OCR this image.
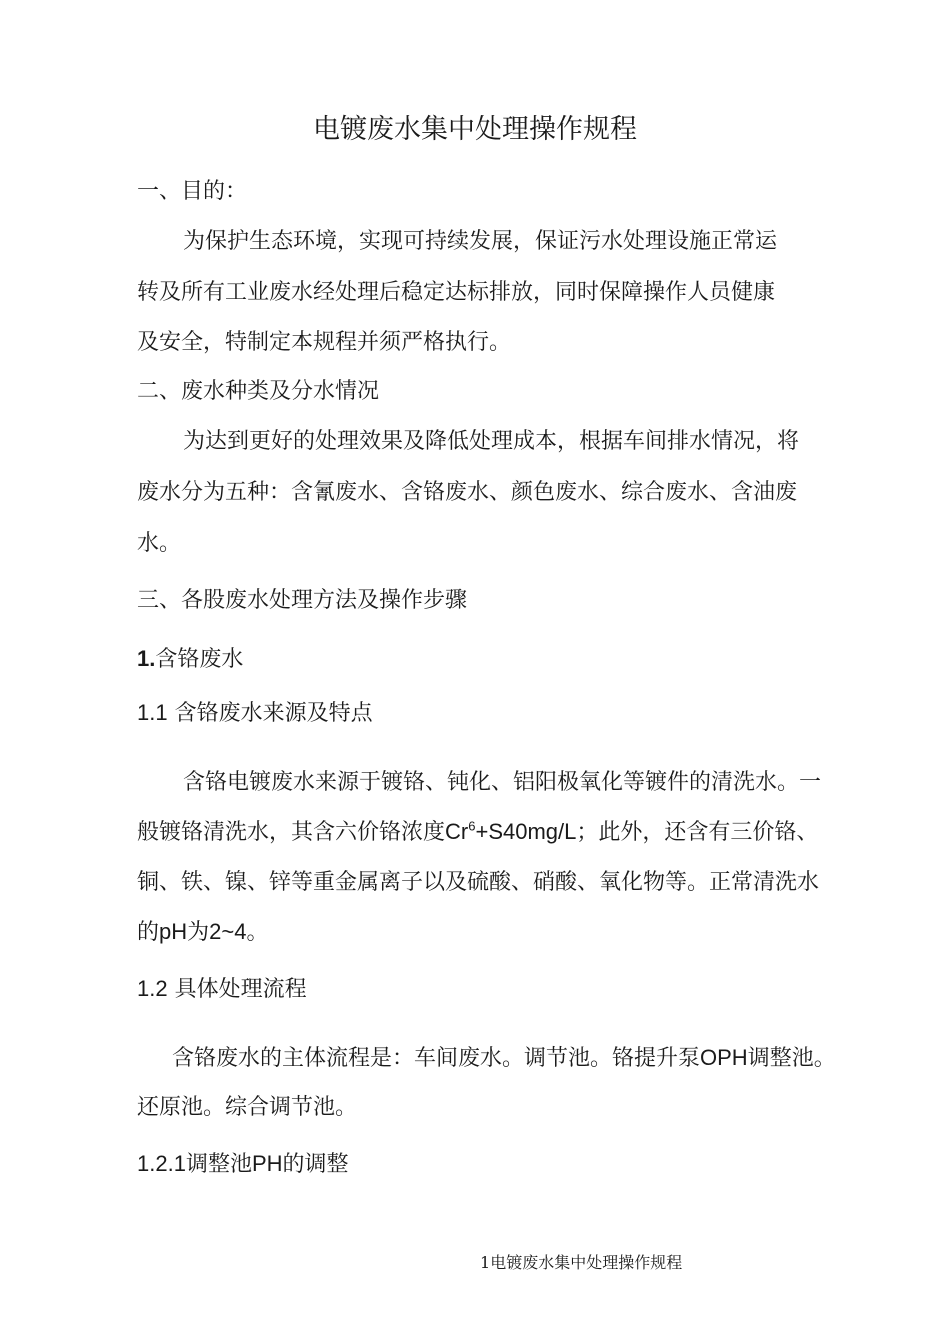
电镀废水集中处理操作规程
一、目的：
为保护生态环境，实现可持续发展，保证污水处理设施正常运
转及所有工业废水经处理后稳定达标排放，同时保障操作人员健康
及安全，特制定本规程并须严格执行。
二、废水种类及分水情况
为达到更好的处理效果及降低处理成本，根据车间排水情况，将
废水分为五种：含氰废水、含铬废水、颜色废水、综合废水、含油废
水。
三、各股废水处理方法及操作步骤
1.含铬废水
1.1 含铬废水来源及特点
含铬电镀废水来源于镀铬、钝化、铝阳极氧化等镀件的清洗水。一
般镀铬清洗水，其含六价铬浓度$Cr^6+S40mg/L$；此外，还含有三价铬、
铜、铁、镍、锌等重金属离子以及硫酸、硝酸、氧化物等。正常清洗水
的pH为2~4。
1.2 具体处理流程
含铬废水的主体流程是：车间废水。调节池。铬提升泵OPH调整池。
还原池。综合调节池。
1.2.1调整池PH的调整
1电镀废水集中处理操作规程
